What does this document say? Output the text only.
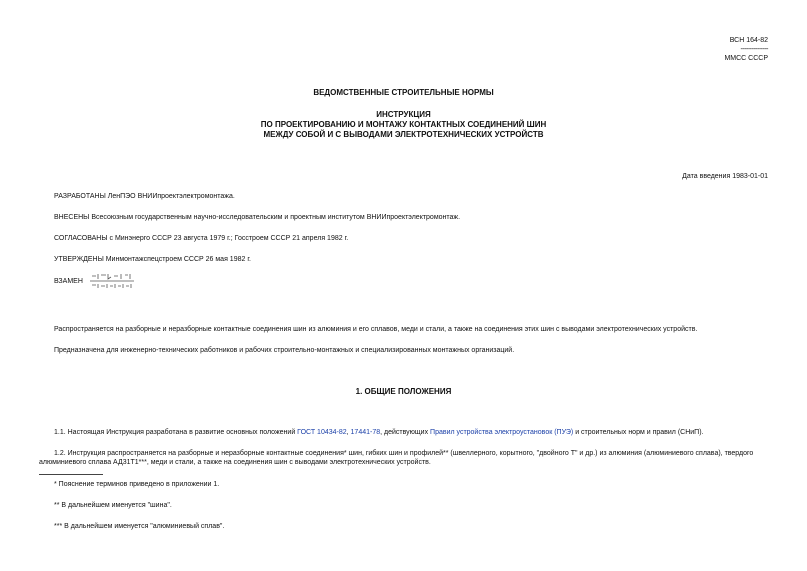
ВСН 164-82
---------------
ММСС СССР
ВЕДОМСТВЕННЫЕ СТРОИТЕЛЬНЫЕ НОРМЫ
ИНСТРУКЦИЯ
ПО ПРОЕКТИРОВАНИЮ И МОНТАЖУ КОНТАКТНЫХ СОЕДИНЕНИЙ ШИН
МЕЖДУ СОБОЙ И С ВЫВОДАМИ ЭЛЕКТРОТЕХНИЧЕСКИХ УСТРОЙСТВ
Дата введения 1983-01-01
РАЗРАБОТАНЫ ЛенПЭО ВНИИпроектэлектромонтажа.
ВНЕСЕНЫ Всесоюзным государственным научно-исследовательским и проектным институтом ВНИИпроектэлектромонтаж.
СОГЛАСОВАНЫ с Минэнерго СССР 23 августа 1979 г.; Госстроем СССР 21 апреля 1982 г.
УТВЕРЖДЕНЫ Минмонтажспецстроем СССР 26 мая 1982 г.
ВЗАМЕН
Распространяется на разборные и неразборные контактные соединения шин из алюминия и его сплавов, меди и стали, а также на соединения этих шин с выводами электротехнических устройств.
Предназначена для инженерно-технических работников и рабочих строительно-монтажных и специализированных монтажных организаций.
1. ОБЩИЕ ПОЛОЖЕНИЯ
1.1. Настоящая Инструкция разработана в развитие основных положений ГОСТ 10434-82, 17441-78, действующих Правил устройства электроустановок (ПУЭ) и строительных норм и правил (СНиП).
1.2. Инструкция распространяется на разборные и неразборные контактные соединения* шин, гибких шин и профилей** (швеллерного, корытного, "двойного Т" и др.) из алюминия (алюминиевого сплава), твердого алюминиевого сплава АД31Т1***, меди и стали, а также на соединения шин с выводами электротехнических устройств.
* Пояснение терминов приведено в приложении 1.
** В дальнейшем именуется "шина".
*** В дальнейшем именуется "алюминиевый сплав".
